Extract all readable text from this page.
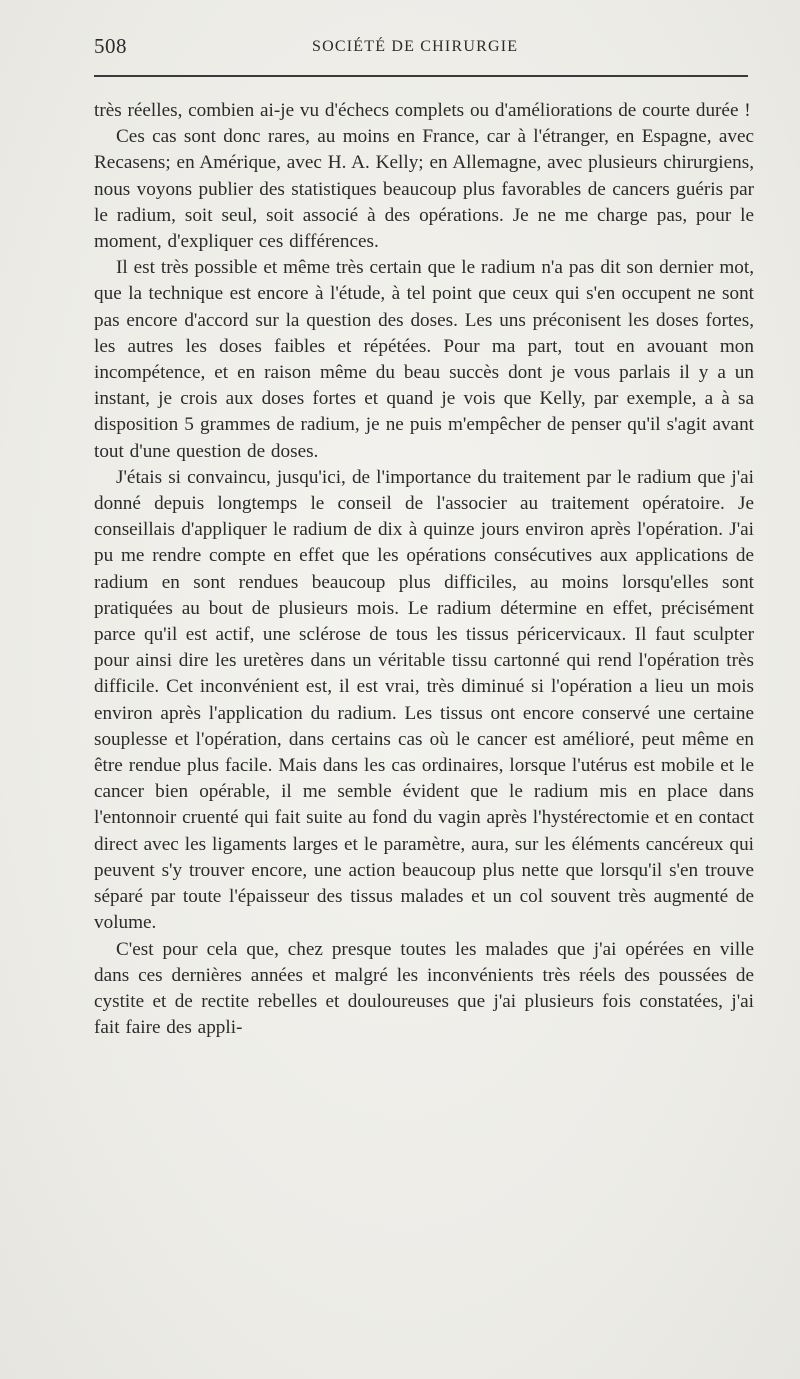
508	SOCIÉTÉ DE CHIRURGIE

très réelles, combien ai-je vu d'échecs complets ou d'améliorations de courte durée !

Ces cas sont donc rares, au moins en France, car à l'étranger, en Espagne, avec Recasens; en Amérique, avec H. A. Kelly; en Allemagne, avec plusieurs chirurgiens, nous voyons publier des statistiques beaucoup plus favorables de cancers guéris par le radium, soit seul, soit associé à des opérations. Je ne me charge pas, pour le moment, d'expliquer ces différences.

Il est très possible et même très certain que le radium n'a pas dit son dernier mot, que la technique est encore à l'étude, à tel point que ceux qui s'en occupent ne sont pas encore d'accord sur la question des doses. Les uns préconisent les doses fortes, les autres les doses faibles et répétées. Pour ma part, tout en avouant mon incompétence, et en raison même du beau succès dont je vous parlais il y a un instant, je crois aux doses fortes et quand je vois que Kelly, par exemple, a à sa disposition 5 grammes de radium, je ne puis m'empêcher de penser qu'il s'agit avant tout d'une question de doses.

J'étais si convaincu, jusqu'ici, de l'importance du traitement par le radium que j'ai donné depuis longtemps le conseil de l'associer au traitement opératoire. Je conseillais d'appliquer le radium de dix à quinze jours environ après l'opération. J'ai pu me rendre compte en effet que les opérations consécutives aux applications de radium en sont rendues beaucoup plus difficiles, au moins lorsqu'elles sont pratiquées au bout de plusieurs mois. Le radium détermine en effet, précisément parce qu'il est actif, une sclérose de tous les tissus péricervicaux. Il faut sculpter pour ainsi dire les uretères dans un véritable tissu cartonné qui rend l'opération très difficile. Cet inconvénient est, il est vrai, très diminué si l'opération a lieu un mois environ après l'application du radium. Les tissus ont encore conservé une certaine souplesse et l'opération, dans certains cas où le cancer est amélioré, peut même en être rendue plus facile. Mais dans les cas ordinaires, lorsque l'utérus est mobile et le cancer bien opérable, il me semble évident que le radium mis en place dans l'entonnoir cruenté qui fait suite au fond du vagin après l'hystérectomie et en contact direct avec les ligaments larges et le paramètre, aura, sur les éléments cancéreux qui peuvent s'y trouver encore, une action beaucoup plus nette que lorsqu'il s'en trouve séparé par toute l'épaisseur des tissus malades et un col souvent très augmenté de volume.

C'est pour cela que, chez presque toutes les malades que j'ai opérées en ville dans ces dernières années et malgré les inconvénients très réels des poussées de cystite et de rectite rebelles et douloureuses que j'ai plusieurs fois constatées, j'ai fait faire des appli-
